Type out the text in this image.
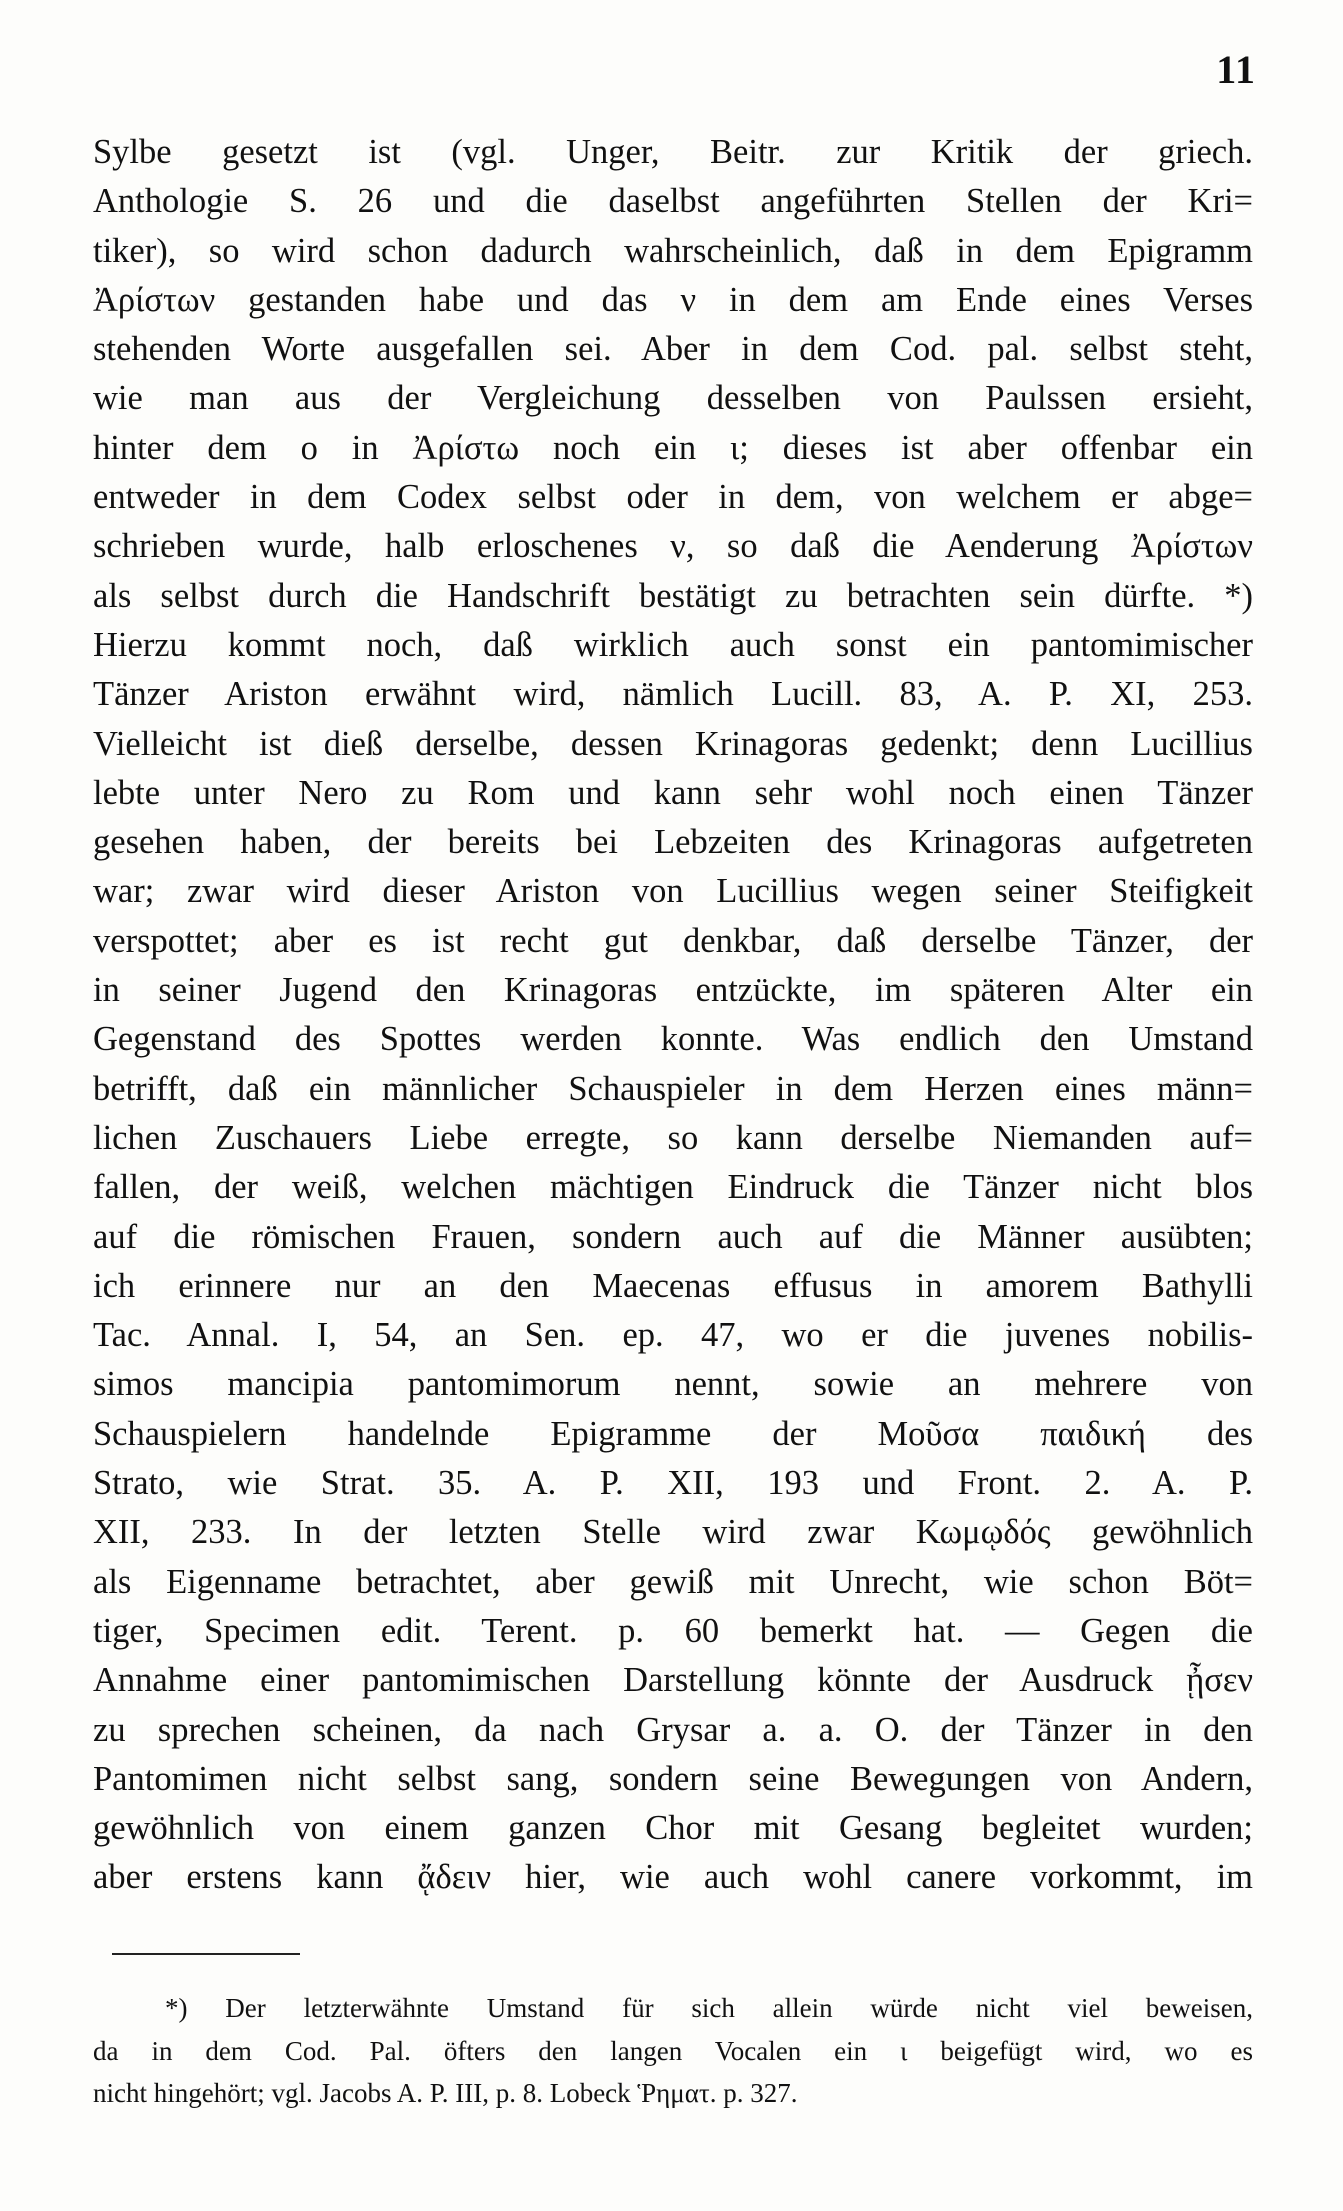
11
Sylbe gesetzt ist (vgl. Unger, Beitr. zur Kritik der griech.
Anthologie S. 26 und die daselbst angeführten Stellen der Kri=
tiker), so wird schon dadurch wahrscheinlich, daß in dem Epigramm
Ἀρίστων gestanden habe und das ν in dem am Ende eines Verses
stehenden Worte ausgefallen sei. Aber in dem Cod. pal. selbst steht,
wie man aus der Vergleichung desselben von Paulssen ersieht,
hinter dem ο in Ἀρίστω noch ein ι; dieses ist aber offenbar ein
entweder in dem Codex selbst oder in dem, von welchem er abge=
schrieben wurde, halb erloschenes ν, so daß die Aenderung Ἀρίστων
als selbst durch die Handschrift bestätigt zu betrachten sein dürfte. *)
Hierzu kommt noch, daß wirklich auch sonst ein pantomimischer
Tänzer Ariston erwähnt wird, nämlich Lucill. 83, A. P. XI, 253.
Vielleicht ist dieß derselbe, dessen Krinagoras gedenkt; denn Lucillius
lebte unter Nero zu Rom und kann sehr wohl noch einen Tänzer
gesehen haben, der bereits bei Lebzeiten des Krinagoras aufgetreten
war; zwar wird dieser Ariston von Lucillius wegen seiner Steifigkeit
verspottet; aber es ist recht gut denkbar, daß derselbe Tänzer, der
in seiner Jugend den Krinagoras entzückte, im späteren Alter ein
Gegenstand des Spottes werden konnte. Was endlich den Umstand
betrifft, daß ein männlicher Schauspieler in dem Herzen eines männ=
lichen Zuschauers Liebe erregte, so kann derselbe Niemanden auf=
fallen, der weiß, welchen mächtigen Eindruck die Tänzer nicht blos
auf die römischen Frauen, sondern auch auf die Männer ausübten;
ich erinnere nur an den Maecenas effusus in amorem Bathylli
Tac. Annal. I, 54, an Sen. ep. 47, wo er die juvenes nobilis-
simos mancipia pantomimorum nennt, sowie an mehrere von
Schauspielern handelnde Epigramme der Μοῦσα παιδική des
Strato, wie Strat. 35. A. P. XII, 193 und Front. 2. A. P.
XII, 233. In der letzten Stelle wird zwar Κωμῳδός gewöhnlich
als Eigenname betrachtet, aber gewiß mit Unrecht, wie schon Böt=
tiger, Specimen edit. Terent. p. 60 bemerkt hat. — Gegen die
Annahme einer pantomimischen Darstellung könnte der Ausdruck ᾖσεν
zu sprechen scheinen, da nach Grysar a. a. O. der Tänzer in den
Pantomimen nicht selbst sang, sondern seine Bewegungen von Andern,
gewöhnlich von einem ganzen Chor mit Gesang begleitet wurden;
aber erstens kann ᾄδειν hier, wie auch wohl canere vorkommt, im
*) Der letzterwähnte Umstand für sich allein würde nicht viel beweisen,
da in dem Cod. Pal. öfters den langen Vocalen ein ι beigefügt wird, wo es
nicht hingehört; vgl. Jacobs A. P. III, p. 8. Lobeck Ῥηματ. p. 327.
